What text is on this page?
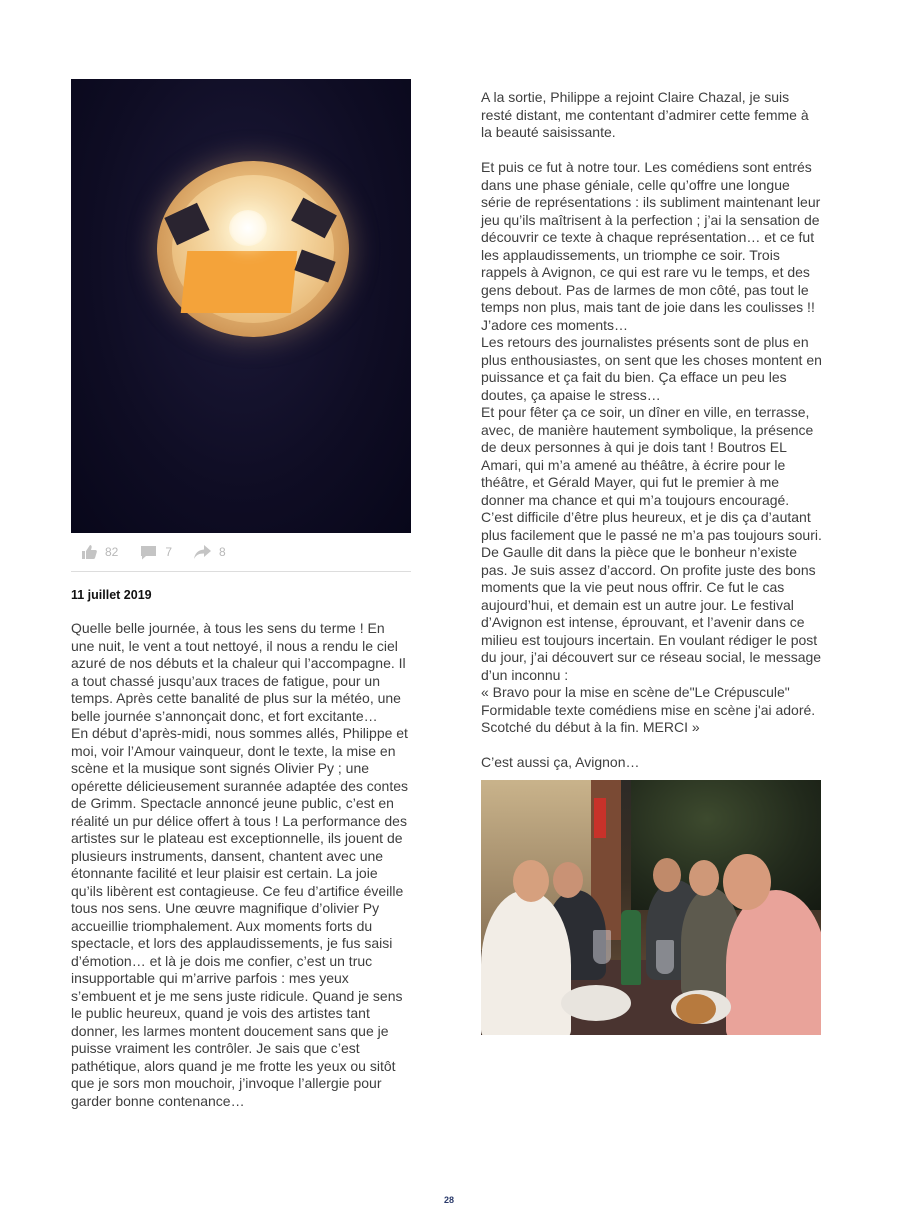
82	7	8
11 juillet 2019

Quelle belle journée, à tous les sens du terme ! En une nuit, le vent a tout nettoyé, il nous a rendu le ciel azuré de nos débuts et la chaleur qui l’accompagne. Il a tout chassé jusqu’aux traces de fatigue, pour un temps. Après cette banalité de plus sur la météo, une belle journée s’annonçait donc, et fort excitante…

En début d’après-midi, nous sommes allés, Philippe et moi, voir l’Amour vainqueur, dont le texte, la mise en scène et la musique sont signés Olivier Py ; une opérette délicieusement surannée adaptée des contes de Grimm. Spectacle annoncé jeune public, c’est en réalité un pur délice offert à tous ! La performance des artistes sur le plateau est exceptionnelle, ils jouent de plusieurs instruments, dansent, chantent avec une étonnante facilité et leur plaisir est certain. La joie qu’ils libèrent est contagieuse. Ce feu d’artifice éveille tous nos sens. Une œuvre magnifique d’olivier Py accueillie triomphalement. Aux moments forts du spectacle, et lors des applaudissements, je fus saisi d’émotion… et là je dois me confier, c’est un truc insupportable qui m’arrive parfois : mes yeux s’embuent et je me sens juste ridicule. Quand je sens le public heureux, quand je vois des artistes tant donner, les larmes montent doucement sans que je puisse vraiment les contrôler. Je sais que c’est pathétique, alors quand je me frotte les yeux ou sitôt que je sors mon mouchoir, j’invoque l’allergie pour garder bonne contenance…

A la sortie, Philippe a rejoint Claire Chazal, je suis resté distant, me contentant d’admirer cette femme à la beauté saisissante.

Et puis ce fut à notre tour. Les comédiens sont entrés dans une phase géniale, celle qu’offre une longue série de représentations : ils subliment maintenant leur jeu qu’ils maîtrisent à la perfection ; j’ai la sensation de découvrir ce texte à chaque représentation… et ce fut les applaudissements, un triomphe ce soir. Trois rappels à Avignon, ce qui est rare vu le temps, et des gens debout. Pas de larmes de mon côté, pas tout le temps non plus, mais tant de joie dans les coulisses !! J’adore ces moments…

Les retours des journalistes présents sont de plus en plus enthousiastes, on sent que les choses montent en puissance et ça fait du bien. Ça efface un peu les doutes, ça apaise le stress…

Et pour fêter ça ce soir, un dîner en ville, en terrasse, avec, de manière hautement symbolique, la présence de deux personnes à qui je dois tant ! Boutros EL Amari, qui m’a amené au théâtre, à écrire pour le théâtre, et Gérald Mayer, qui fut le premier à me donner ma chance et qui m’a toujours encouragé.

C’est difficile d’être plus heureux, et je dis ça d’autant plus facilement que le passé ne m’a pas toujours souri. De Gaulle dit dans la pièce que le bonheur n’existe pas. Je suis assez d’accord. On profite juste des bons moments que la vie peut nous offrir. Ce fut le cas aujourd’hui, et demain est un autre jour. Le festival d’Avignon est intense, éprouvant, et l’avenir dans ce milieu est toujours incertain. En voulant rédiger le post du jour, j’ai découvert sur ce réseau social, le message d’un inconnu :

« Bravo pour la mise en scène de"Le Crépuscule" Formidable texte comédiens mise en scène j'ai adoré. Scotché du début à la fin. MERCI »

C’est aussi ça, Avignon…

28
